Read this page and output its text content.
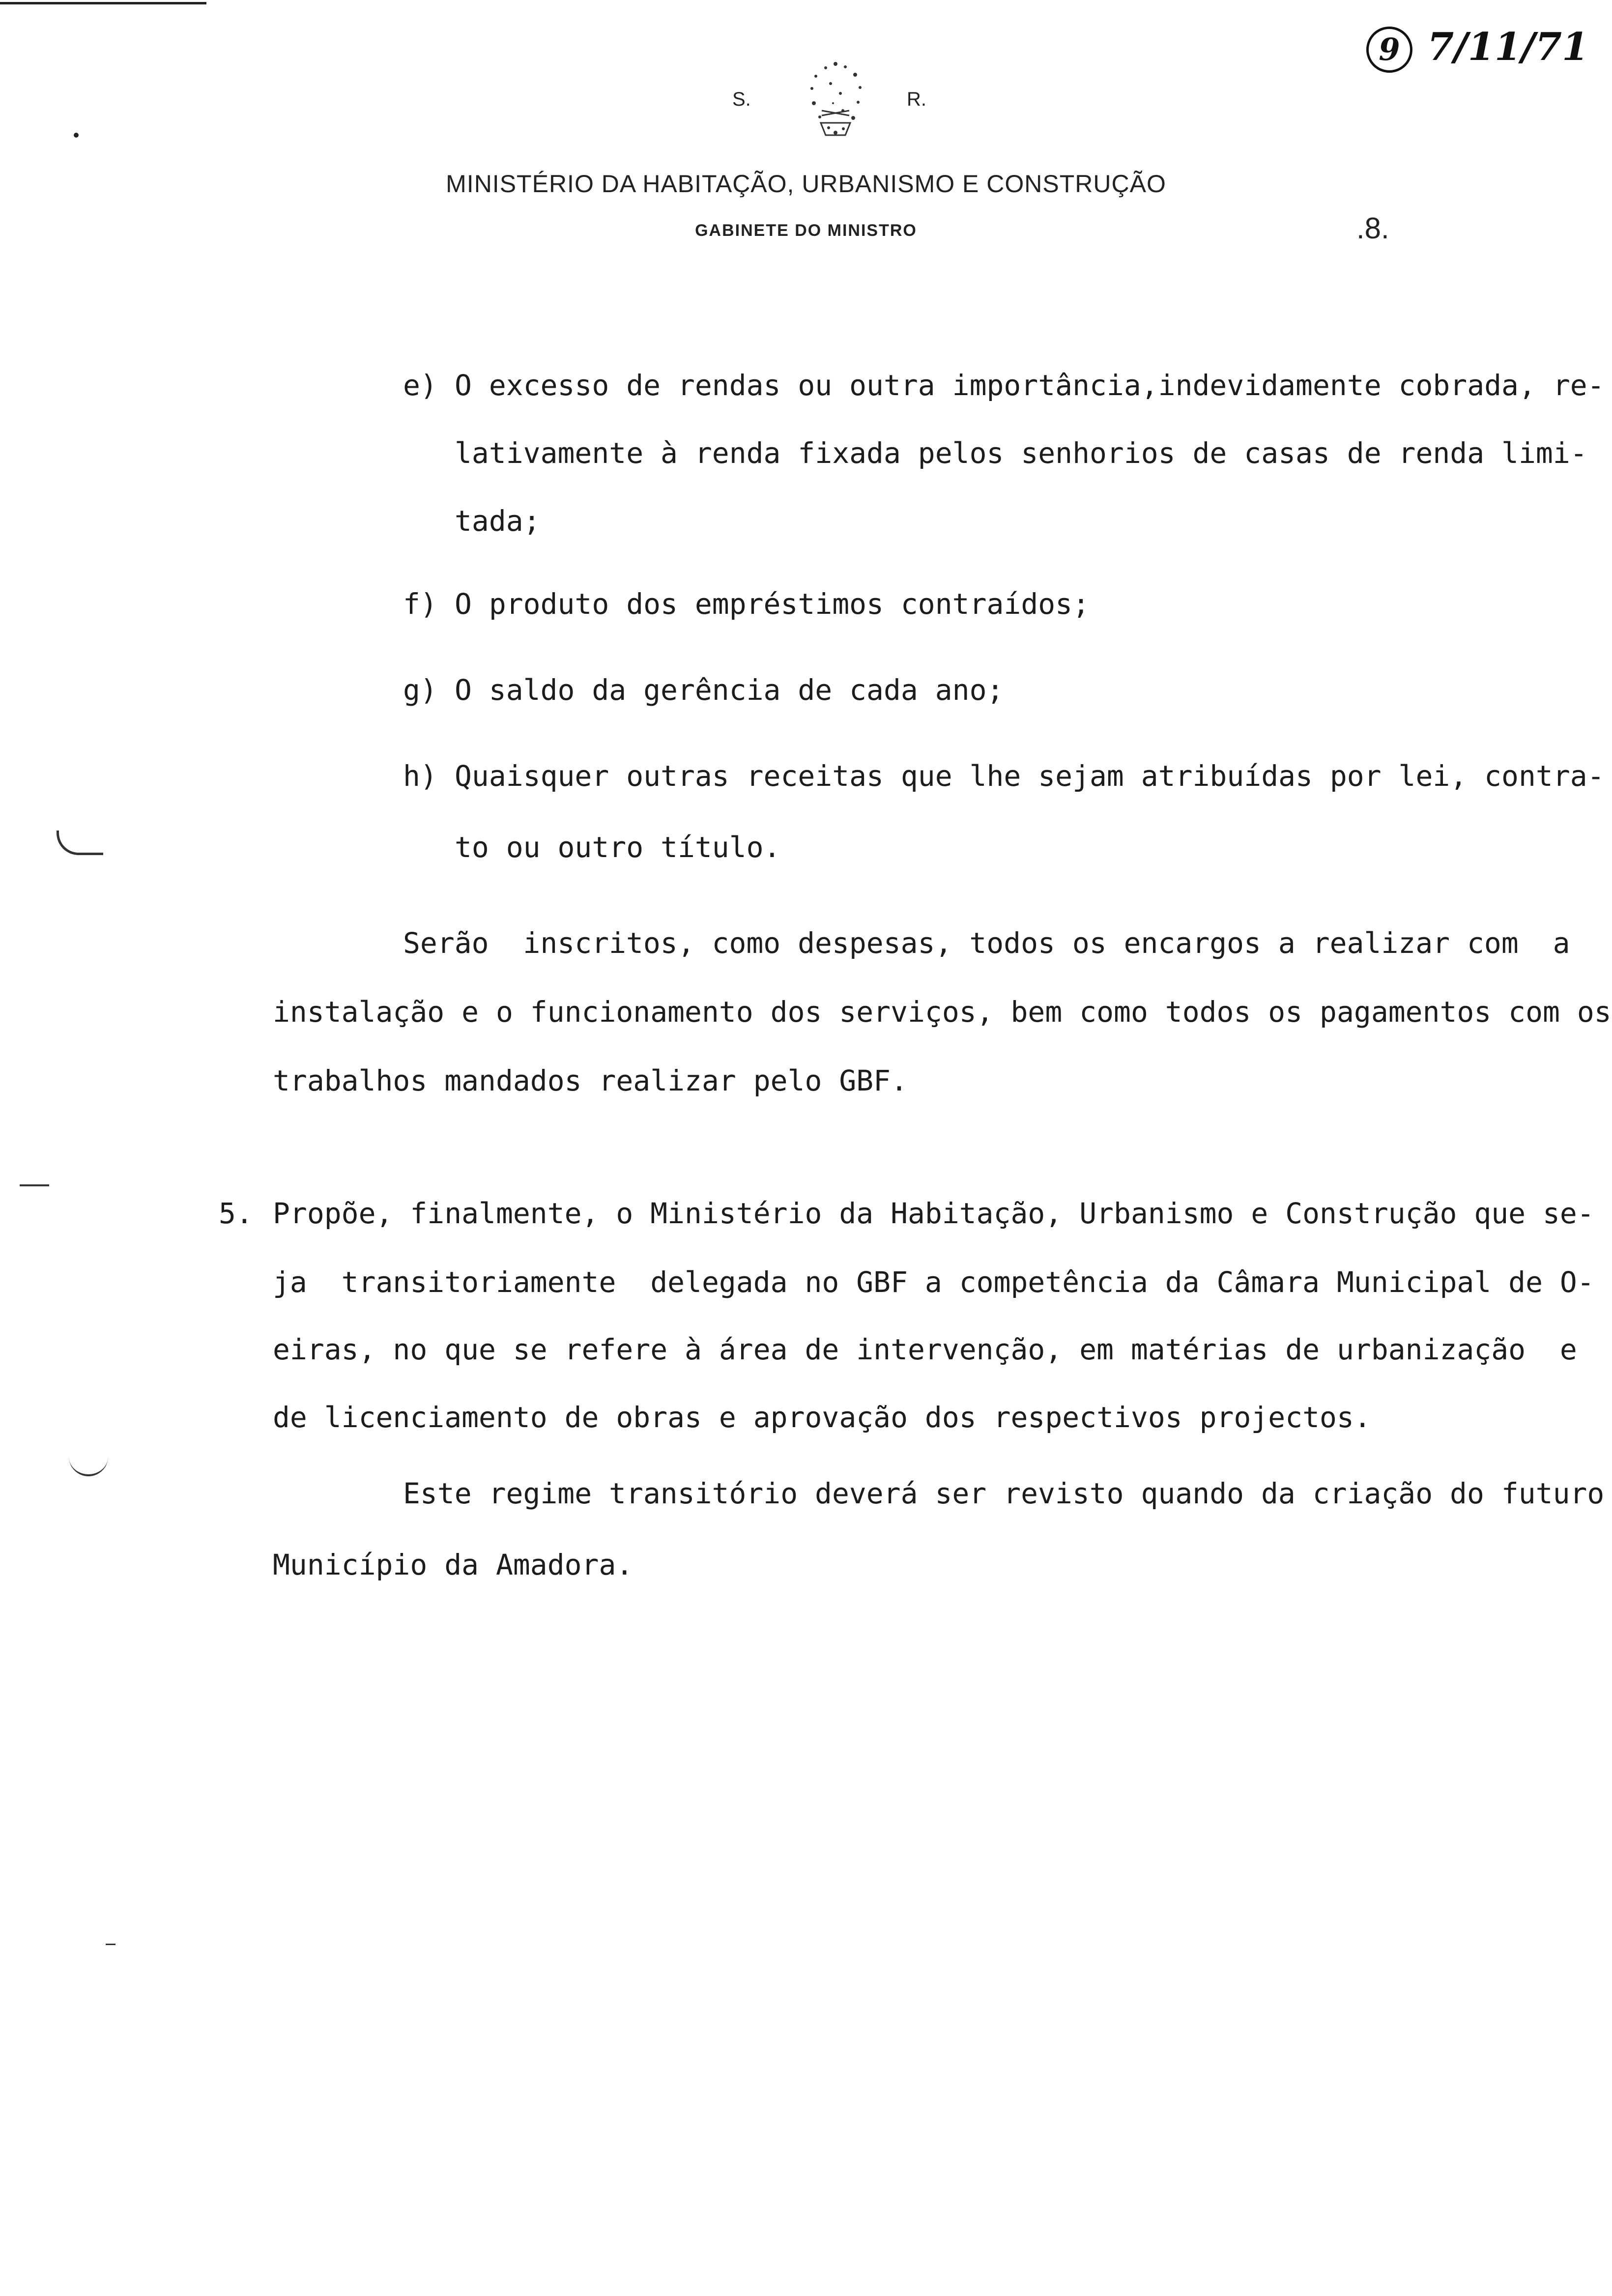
9 7/11/71
S.	R.
MINISTÉRIO DA HABITAÇÃO, URBANISMO E CONSTRUÇÃO
GABINETE DO MINISTRO	.8.
e) O excesso de rendas ou outra importância,indevidamente cobrada, re-
lativamente à renda fixada pelos senhorios de casas de renda limi-
tada;
f) O produto dos empréstimos contraídos;
g) O saldo da gerência de cada ano;
h) Quaisquer outras receitas que lhe sejam atribuídas por lei, contra-
to ou outro título.
Serão  inscritos, como despesas, todos os encargos a realizar com  a
instalação e o funcionamento dos serviços, bem como todos os pagamentos com os
trabalhos mandados realizar pelo GBF.
5. Propõe, finalmente, o Ministério da Habitação, Urbanismo e Construção que se-
ja  transitoriamente  delegada no GBF a competência da Câmara Municipal de O-
eiras, no que se refere à área de intervenção, em matérias de urbanização  e
de licenciamento de obras e aprovação dos respectivos projectos.
Este regime transitório deverá ser revisto quando da criação do futuro
Município da Amadora.
